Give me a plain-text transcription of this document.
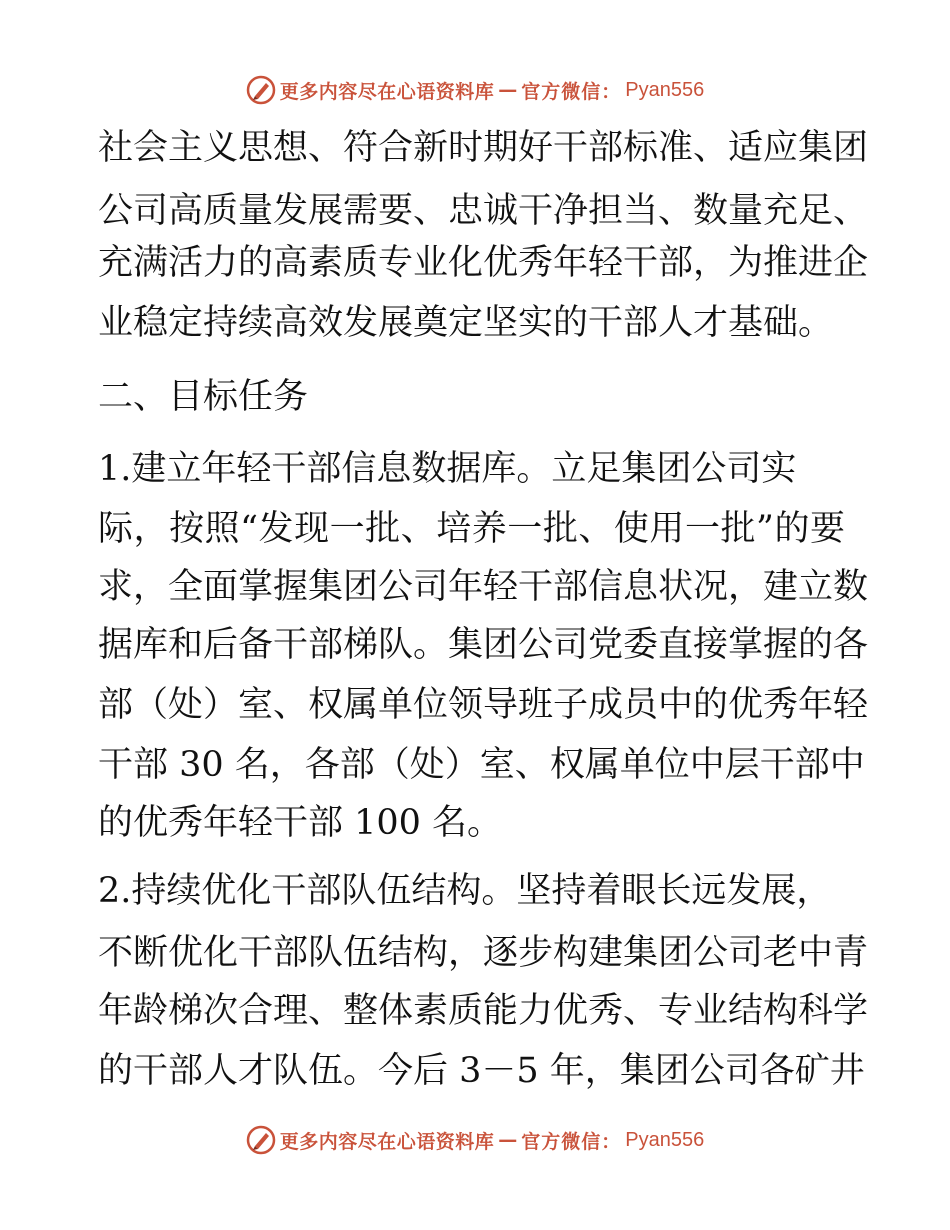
更多内容尽在心语资料库 — 官方微信： Pyan556
社会主义思想、符合新时期好干部标准、适应集团
公司高质量发展需要、忠诚干净担当、数量充足、
充满活力的高素质专业化优秀年轻干部，为推进企
业稳定持续高效发展奠定坚实的干部人才基础。
二、目标任务
1.建立年轻干部信息数据库。立足集团公司实
际，按照“发现一批、培养一批、使用一批”的要
求，全面掌握集团公司年轻干部信息状况，建立数
据库和后备干部梯队。集团公司党委直接掌握的各
部（处）室、权属单位领导班子成员中的优秀年轻
干部 30 名，各部（处）室、权属单位中层干部中
的优秀年轻干部 100 名。
2.持续优化干部队伍结构。坚持着眼长远发展，
不断优化干部队伍结构，逐步构建集团公司老中青
年龄梯次合理、整体素质能力优秀、专业结构科学
的干部人才队伍。今后 3－5 年，集团公司各矿井
更多内容尽在心语资料库 — 官方微信： Pyan556
